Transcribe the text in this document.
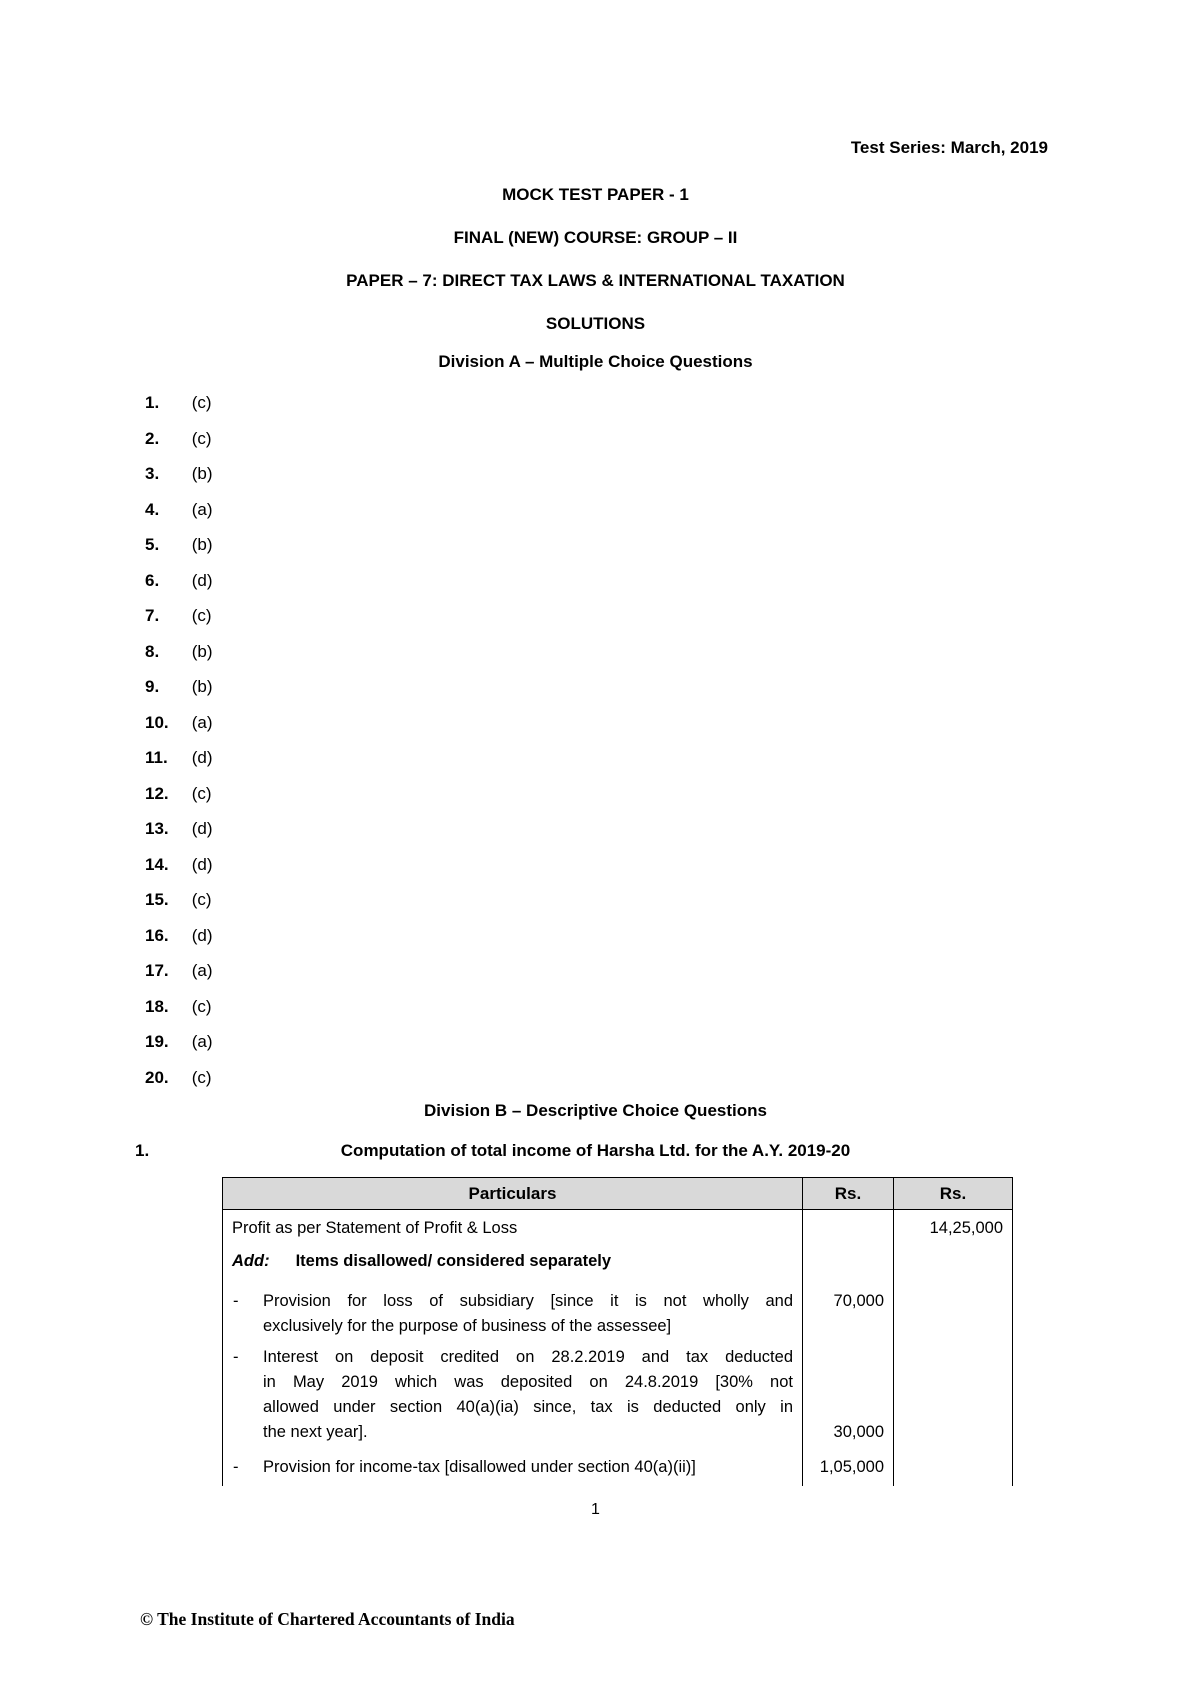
Test Series: March, 2019
MOCK TEST PAPER - 1
FINAL (NEW) COURSE: GROUP – II
PAPER – 7: DIRECT TAX LAWS & INTERNATIONAL TAXATION
SOLUTIONS
Division A – Multiple Choice Questions
1. (c)
2. (c)
3. (b)
4. (a)
5. (b)
6. (d)
7. (c)
8. (b)
9. (b)
10. (a)
11. (d)
12. (c)
13. (d)
14. (d)
15. (c)
16. (d)
17. (a)
18. (c)
19. (a)
20. (c)
Division B – Descriptive Choice Questions
1.	Computation of total income of Harsha Ltd. for the A.Y. 2019-20
Particulars	Rs.	Rs.
Profit as per Statement of Profit & Loss		14,25,000
Add: Items disallowed/ considered separately		

- Provision for loss of subsidiary [since it is not wholly and
exclusively for the purpose of business of the assessee]	70,000	

- Interest on deposit credited on 28.2.2019 and tax deducted
in May 2019 which was deposited on 24.8.2019 [30% not
allowed under section 40(a)(ia) since, tax is deducted only in
the next year].	30,000	

- Provision for income-tax [disallowed under section 40(a)(ii)]	1,05,000	
1
© The Institute of Chartered Accountants of India
